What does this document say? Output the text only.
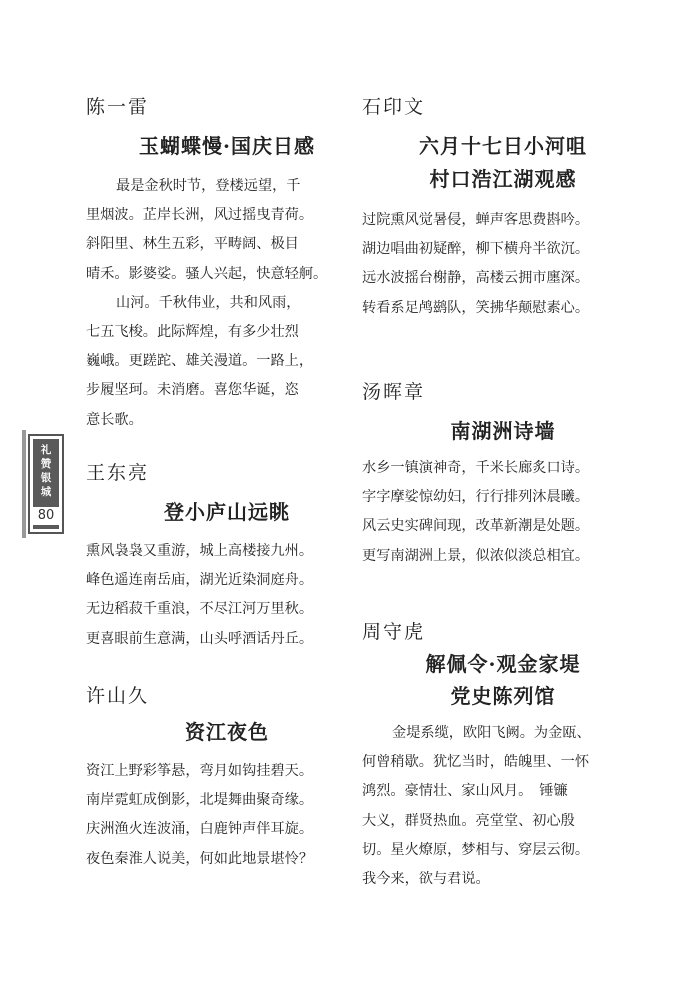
礼
赞
银
城
80
陈一雷
玉蝴蝶慢·国庆日感
最是金秋时节，登楼远望，千
里烟波。芷岸长洲，风过摇曳青荷。
斜阳里、林生五彩，平畴阔、极目
晴禾。影婆娑。骚人兴起，快意轻舸。
山河。千秋伟业，共和风雨，
七五飞梭。此际辉煌，有多少壮烈
巍峨。更蹉跎、雄关漫道。一路上，
步履坚珂。未消磨。喜您华诞，恣
意长歌。
王东亮
登小庐山远眺
熏风袅袅又重游，城上高楼接九州。
峰色遥连南岳庙，湖光近染洞庭舟。
无边稻菽千重浪，不尽江河万里秋。
更喜眼前生意满，山头呼酒话丹丘。
许山久
资江夜色
资江上野彩筝悬，弯月如钩挂碧天。
南岸霓虹成倒影，北堤舞曲聚奇缘。
庆洲渔火连波涌，白鹿钟声伴耳旋。
夜色秦淮人说美，何如此地景堪怜？
石印文
六月十七日小河咀
村口浩江湖观感
过院熏风觉暑侵，蝉声客思费斟吟。
湖边唱曲初疑醉，柳下横舟半欲沉。
远水波摇台榭静，高楼云拥市廛深。
转看系足鸬鹚队，笑拂华颠慰素心。
汤晖章
南湖洲诗墙
水乡一镇演神奇，千米长廊炙口诗。
字字摩娑惊幼妇，行行排列沐晨曦。
风云史实碑间现，改革新潮是处题。
更写南湖洲上景，似浓似淡总相宜。
周守虎
解佩令·观金家堤
党史陈列馆
金堤系缆，欧阳飞阙。为金瓯、
何曾稍歇。犹忆当时，皓魄里、一怀
鸿烈。豪情壮、家山风月。　锤镰
大义，群贤热血。亮堂堂、初心殷
切。星火燎原，梦相与、穿层云彻。
我今来，欲与君说。
